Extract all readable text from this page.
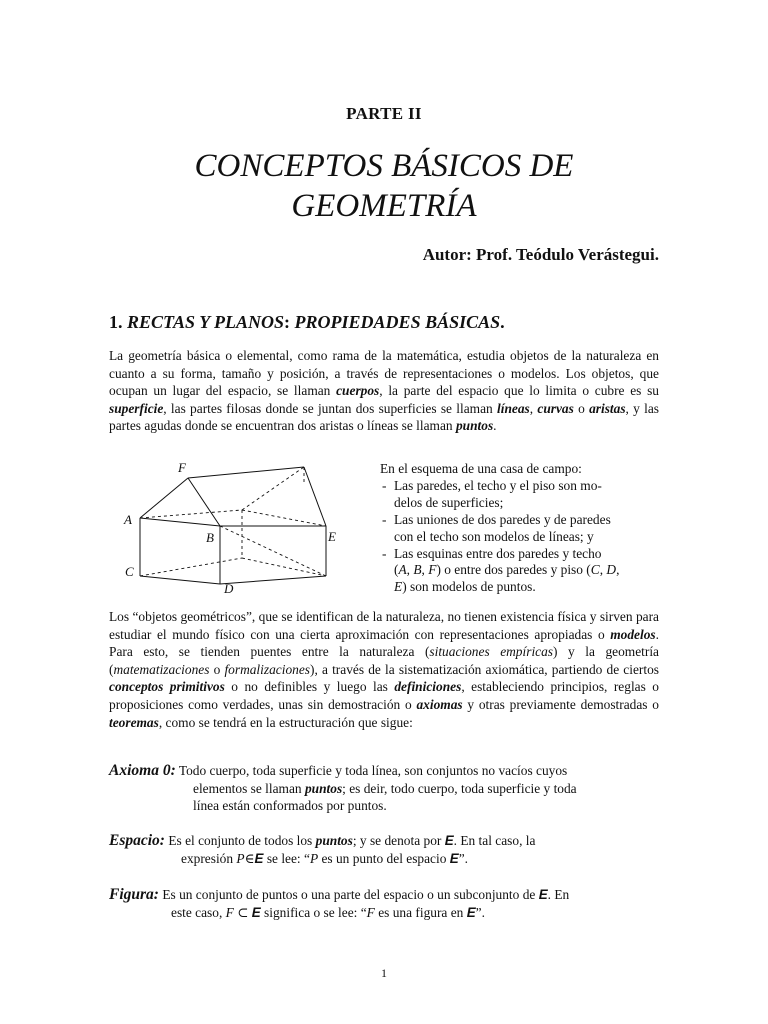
PARTE II
CONCEPTOS BÁSICOS DE
GEOMETRÍA
Autor: Prof. Teódulo Verástegui.
1. RECTAS Y PLANOS: PROPIEDADES BÁSICAS.
La geometría básica o elemental, como rama de la matemática, estudia objetos de la naturaleza en cuanto a su forma, tamaño y posición, a través de representaciones o modelos. Los objetos, que ocupan un lugar del espacio, se llaman cuerpos, la parte del espacio que lo limita o cubre es su superficie, las partes filosas donde se juntan dos superficies se llaman líneas, curvas o aristas, y las partes agudas donde se encuentran dos aristas o líneas se llaman puntos.
F
A
B	E
C
D
En el esquema de una casa de campo:
- Las paredes, el techo y el piso son mo-
delos de superficies;
- Las uniones de dos paredes y de paredes
con el techo son modelos de líneas; y
- Las esquinas entre dos paredes y techo
(A, B, F) o entre dos paredes y piso (C, D,
E) son modelos de puntos.
Los “objetos geométricos”, que se identifican de la naturaleza, no tienen existencia física y sirven para estudiar el mundo físico con una cierta aproximación con representaciones apropiadas o modelos. Para esto, se tienden puentes entre la naturaleza (situaciones empíricas) y la geometría (matematizaciones o formalizaciones), a través de la sistematización axiomática, partiendo de ciertos conceptos primitivos o no definibles y luego las definiciones, estableciendo principios, reglas o proposiciones como verdades, unas sin demostración o axiomas y otras previamente demostradas o teoremas, como se tendrá en la estructuración que sigue:
Axioma 0: Todo cuerpo, toda superficie y toda línea, son conjuntos no vacíos cuyos
elementos se llaman puntos; es deir, todo cuerpo, toda superficie y toda
línea están conformados por puntos.
Espacio: Es el conjunto de todos los puntos; y se denota por E. En tal caso, la
expresión P∈E se lee: “P es un punto del espacio E”.
Figura: Es un conjunto de puntos o una parte del espacio o un subconjunto de E. En
este caso, F ⊂ E significa o se lee: “F es una figura en E”.
1
